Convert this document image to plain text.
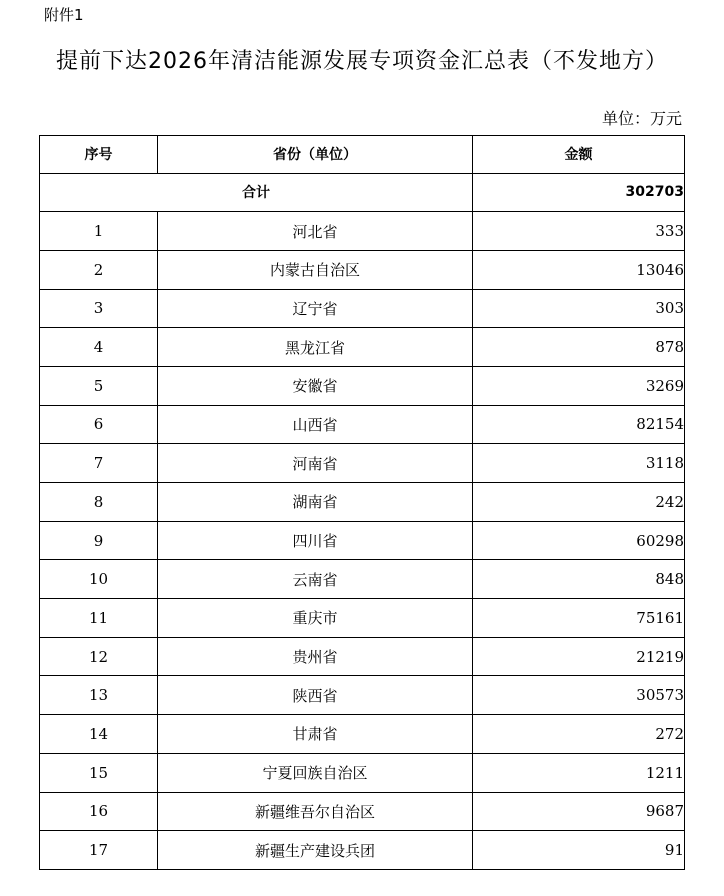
附件1
提前下达2026年清洁能源发展专项资金汇总表（不发地方）
单位：万元
序号	省份（单位）	金额
合计		302703
1	河北省	333
2	内蒙古自治区	13046
3	辽宁省	303
4	黑龙江省	878
5	安徽省	3269
6	山西省	82154
7	河南省	3118
8	湖南省	242
9	四川省	60298
10	云南省	848
11	重庆市	75161
12	贵州省	21219
13	陕西省	30573
14	甘肃省	272
15	宁夏回族自治区	1211
16	新疆维吾尔自治区	9687
17	新疆生产建设兵团	91
